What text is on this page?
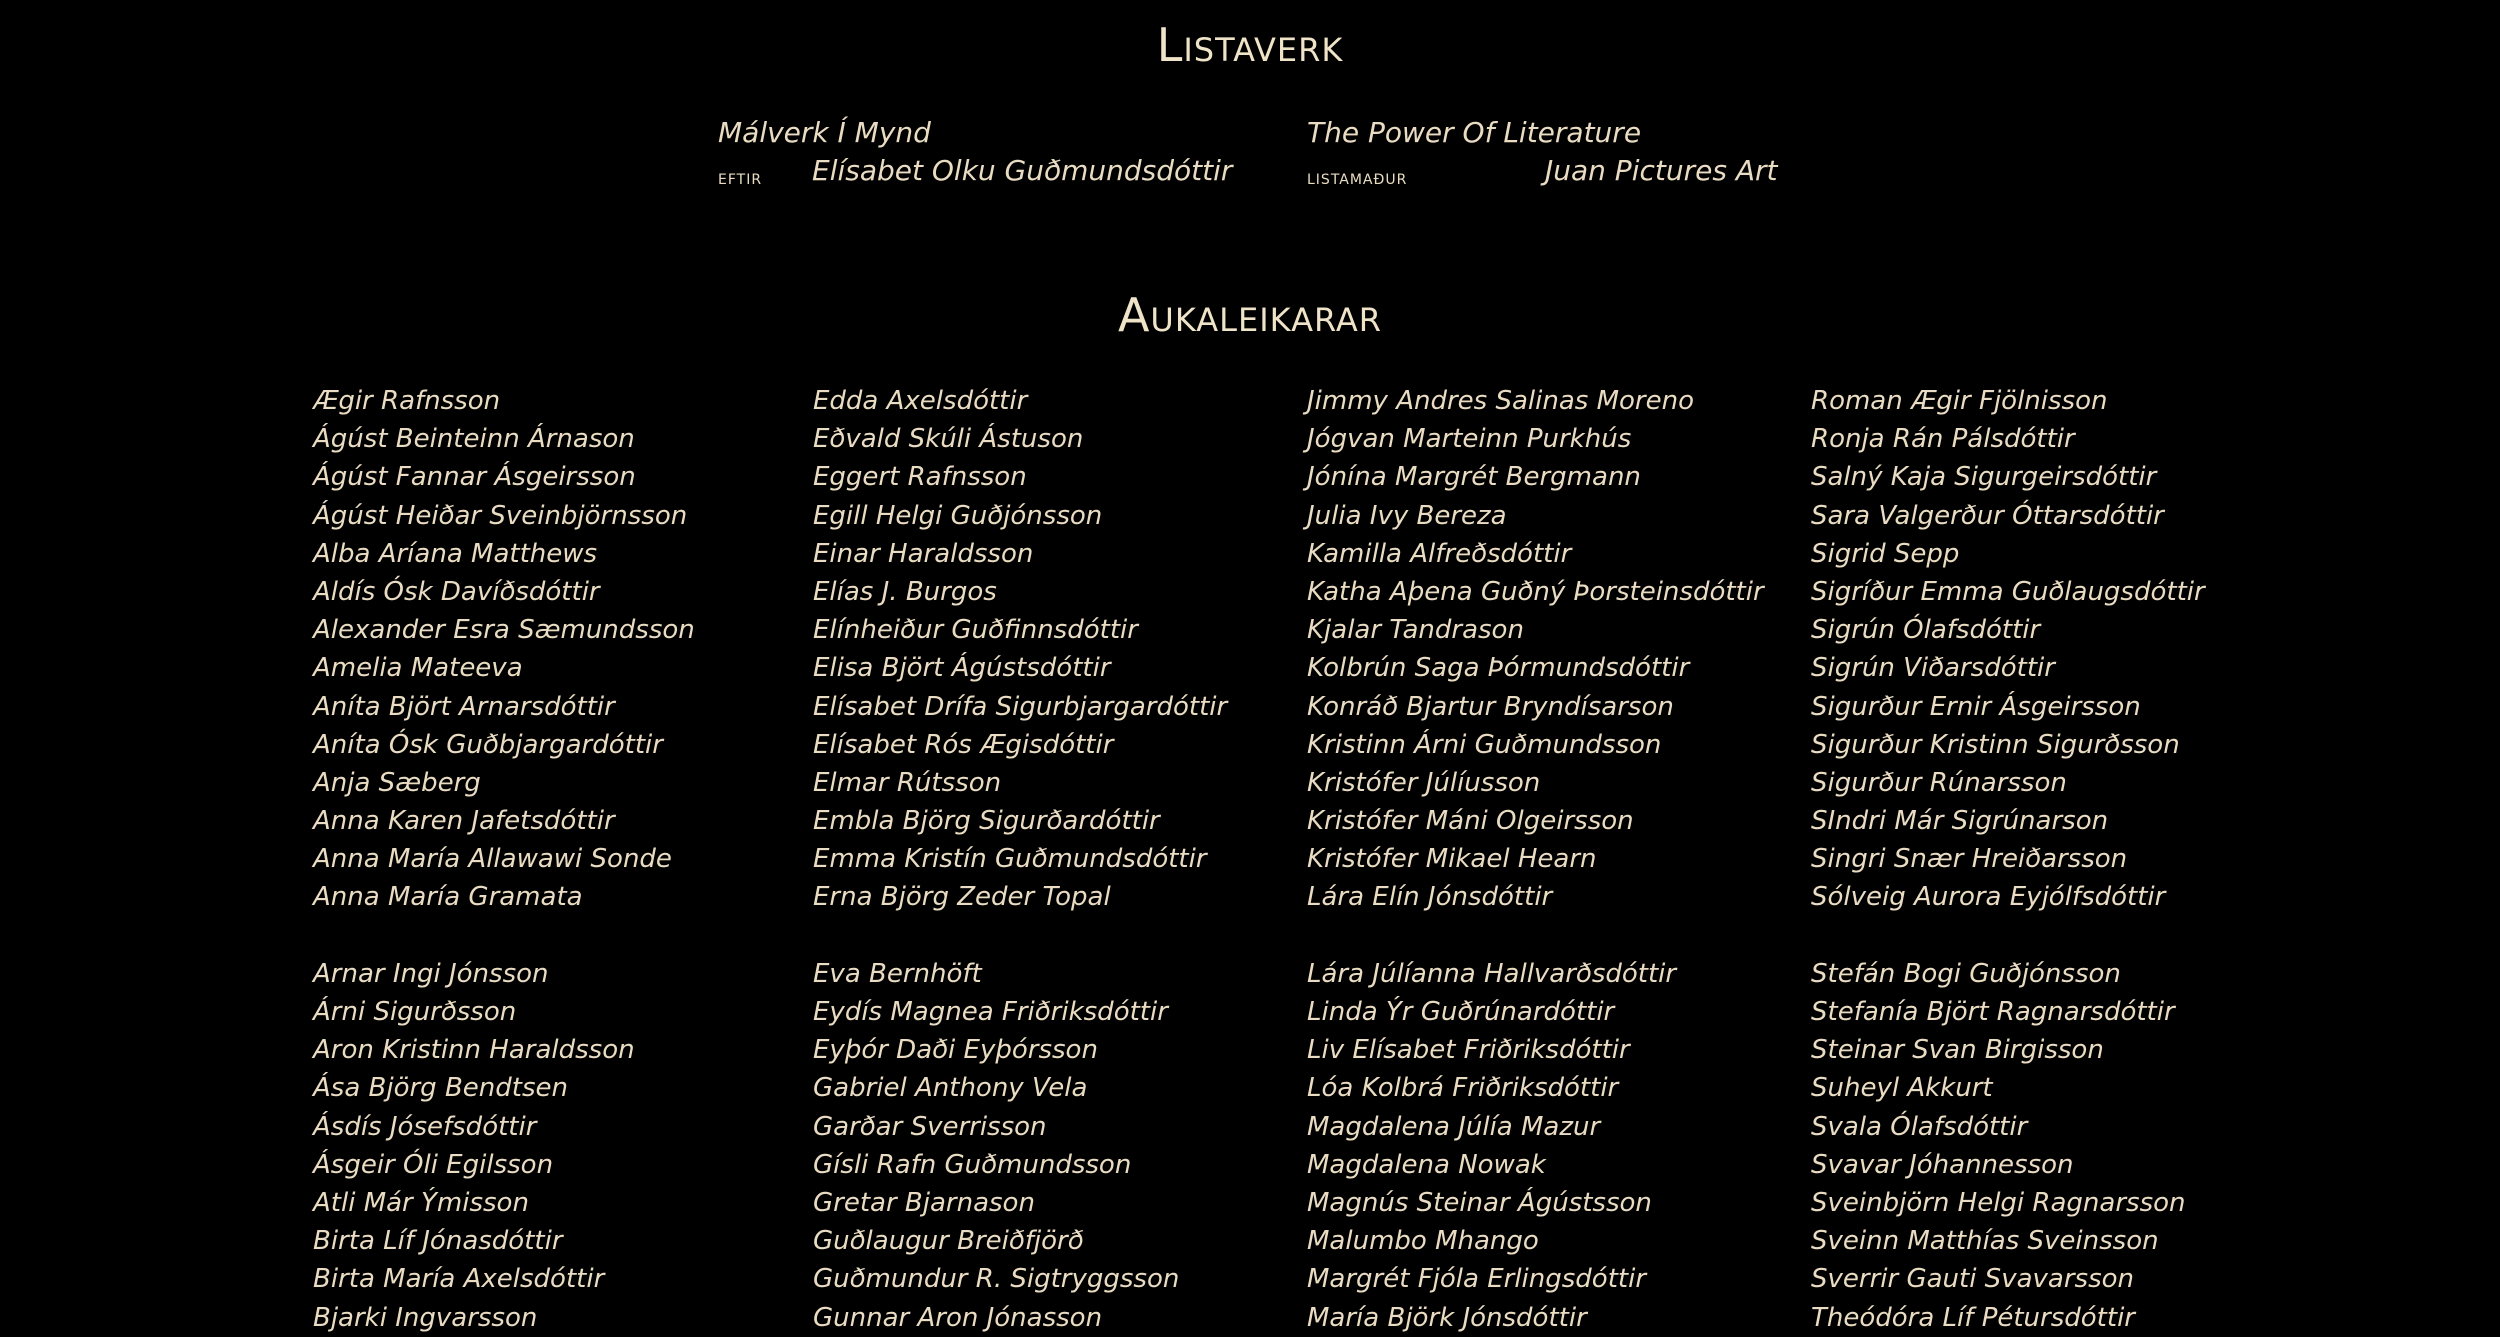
Listaverk
Málverk Í Mynd
eftir Elísabet Olku Guðmundsdóttir
The Power Of Literature
listamaður	Juan Pictures Art
Aukaleikarar
Ægir Rafnsson
Ágúst Beinteinn Árnason
Ágúst Fannar Ásgeirsson
Ágúst Heiðar Sveinbjörnsson
Alba Aríana Matthews
Aldís Ósk Davíðsdóttir
Alexander Esra Sæmundsson
Amelia Mateeva
Aníta Björt Arnarsdóttir
Aníta Ósk Guðbjargardóttir
Anja Sæberg
Anna Karen Jafetsdóttir
Anna María Allawawi Sonde
Anna María Gramata
Arnar Ingi Jónsson
Árni Sigurðsson
Aron Kristinn Haraldsson
Ása Björg Bendtsen
Ásdís Jósefsdóttir
Ásgeir Óli Egilsson
Atli Már Ýmisson
Birta Líf Jónasdóttir
Birta María Axelsdóttir
Bjarki Ingvarsson
Edda Axelsdóttir
Eðvald Skúli Ástuson
Eggert Rafnsson
Egill Helgi Guðjónsson
Einar Haraldsson
Elías J. Burgos
Elínheiður Guðfinnsdóttir
Elisa Björt Ágústsdóttir
Elísabet Drífa Sigurbjargardóttir
Elísabet Rós Ægisdóttir
Elmar Rútsson
Embla Björg Sigurðardóttir
Emma Kristín Guðmundsdóttir
Erna Björg Zeder Topal
Eva Bernhöft
Eydís Magnea Friðriksdóttir
Eyþór Daði Eyþórsson
Gabriel Anthony Vela
Garðar Sverrisson
Gísli Rafn Guðmundsson
Gretar Bjarnason
Guðlaugur Breiðfjörð
Guðmundur R. Sigtryggsson
Gunnar Aron Jónasson
Jimmy Andres Salinas Moreno
Jógvan Marteinn Purkhús
Jónína Margrét Bergmann
Julia Ivy Bereza
Kamilla Alfreðsdóttir
Katha Aþena Guðný Þorsteinsdóttir
Kjalar Tandrason
Kolbrún Saga Þórmundsdóttir
Konráð Bjartur Bryndísarson
Kristinn Árni Guðmundsson
Kristófer Júlíusson
Kristófer Máni Olgeirsson
Kristófer Mikael Hearn
Lára Elín Jónsdóttir
Lára Júlíanna Hallvarðsdóttir
Linda Ýr Guðrúnardóttir
Liv Elísabet Friðriksdóttir
Lóa Kolbrá Friðriksdóttir
Magdalena Júlía Mazur
Magdalena Nowak
Magnús Steinar Ágústsson
Malumbo Mhango
Margrét Fjóla Erlingsdóttir
María Björk Jónsdóttir
Roman Ægir Fjölnisson
Ronja Rán Pálsdóttir
Salný Kaja Sigurgeirsdóttir
Sara Valgerður Óttarsdóttir
Sigrid Sepp
Sigríður Emma Guðlaugsdóttir
Sigrún Ólafsdóttir
Sigrún Viðarsdóttir
Sigurður Ernir Ásgeirsson
Sigurður Kristinn Sigurðsson
Sigurður Rúnarsson
SIndri Már Sigrúnarson
Singri Snær Hreiðarsson
Sólveig Aurora Eyjólfsdóttir
Stefán Bogi Guðjónsson
Stefanía Björt Ragnarsdóttir
Steinar Svan Birgisson
Suheyl Akkurt
Svala Ólafsdóttir
Svavar Jóhannesson
Sveinbjörn Helgi Ragnarsson
Sveinn Matthías Sveinsson
Sverrir Gauti Svavarsson
Theódóra Líf Pétursdóttir
